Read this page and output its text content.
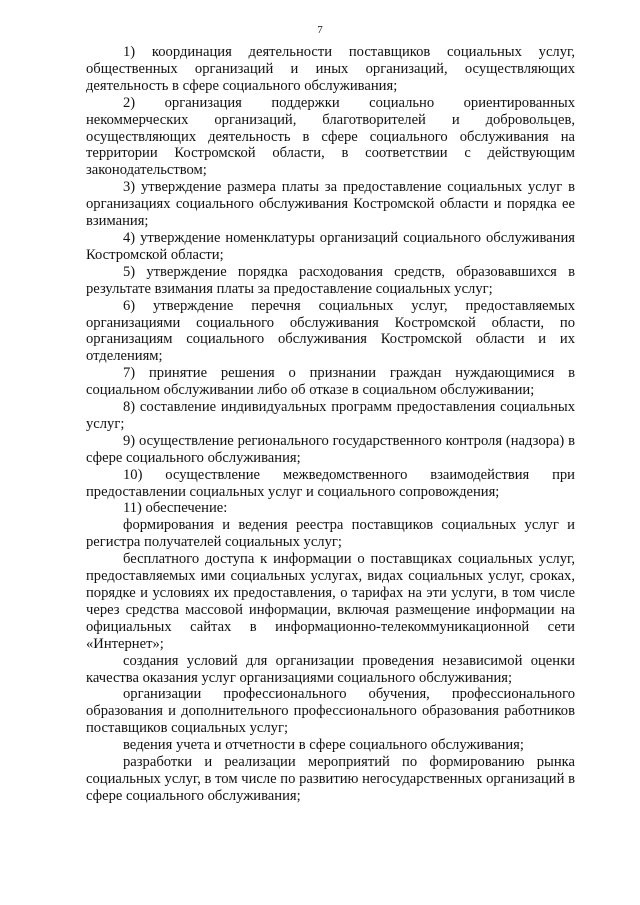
7

1) координация деятельности поставщиков социальных услуг, общественных организаций и иных организаций, осуществляющих деятельность в сфере социального обслуживания;

2) организация поддержки социально ориентированных некоммерческих организаций, благотворителей и добровольцев, осуществляющих деятельность в сфере социального обслуживания на территории Костромской области, в соответствии с действующим законодательством;

3) утверждение размера платы за предоставление социальных услуг в организациях социального обслуживания Костромской области и порядка ее взимания;

4) утверждение номенклатуры организаций социального обслуживания Костромской области;

5) утверждение порядка расходования средств, образовавшихся в результате взимания платы за предоставление социальных услуг;

6) утверждение перечня социальных услуг, предоставляемых организациями социального обслуживания Костромской области, по организациям социального обслуживания Костромской области и их отделениям;

7) принятие решения о признании граждан нуждающимися в социальном обслуживании либо об отказе в социальном обслуживании;

8) составление индивидуальных программ предоставления социальных услуг;

9) осуществление регионального государственного контроля (надзора) в сфере социального обслуживания;

10) осуществление межведомственного взаимодействия при предоставлении социальных услуг и социального сопровождения;

11) обеспечение:

формирования и ведения реестра поставщиков социальных услуг и регистра получателей социальных услуг;

бесплатного доступа к информации о поставщиках социальных услуг, предоставляемых ими социальных услугах, видах социальных услуг, сроках, порядке и условиях их предоставления, о тарифах на эти услуги, в том числе через средства массовой информации, включая размещение информации на официальных сайтах в информационно-телекоммуникационной сети «Интернет»;

создания условий для организации проведения независимой оценки качества оказания услуг организациями социального обслуживания;

организации профессионального обучения, профессионального образования и дополнительного профессионального образования работников поставщиков социальных услуг;

ведения учета и отчетности в сфере социального обслуживания;

разработки и реализации мероприятий по формированию рынка социальных услуг, в том числе по развитию негосударственных организаций в сфере социального обслуживания;
